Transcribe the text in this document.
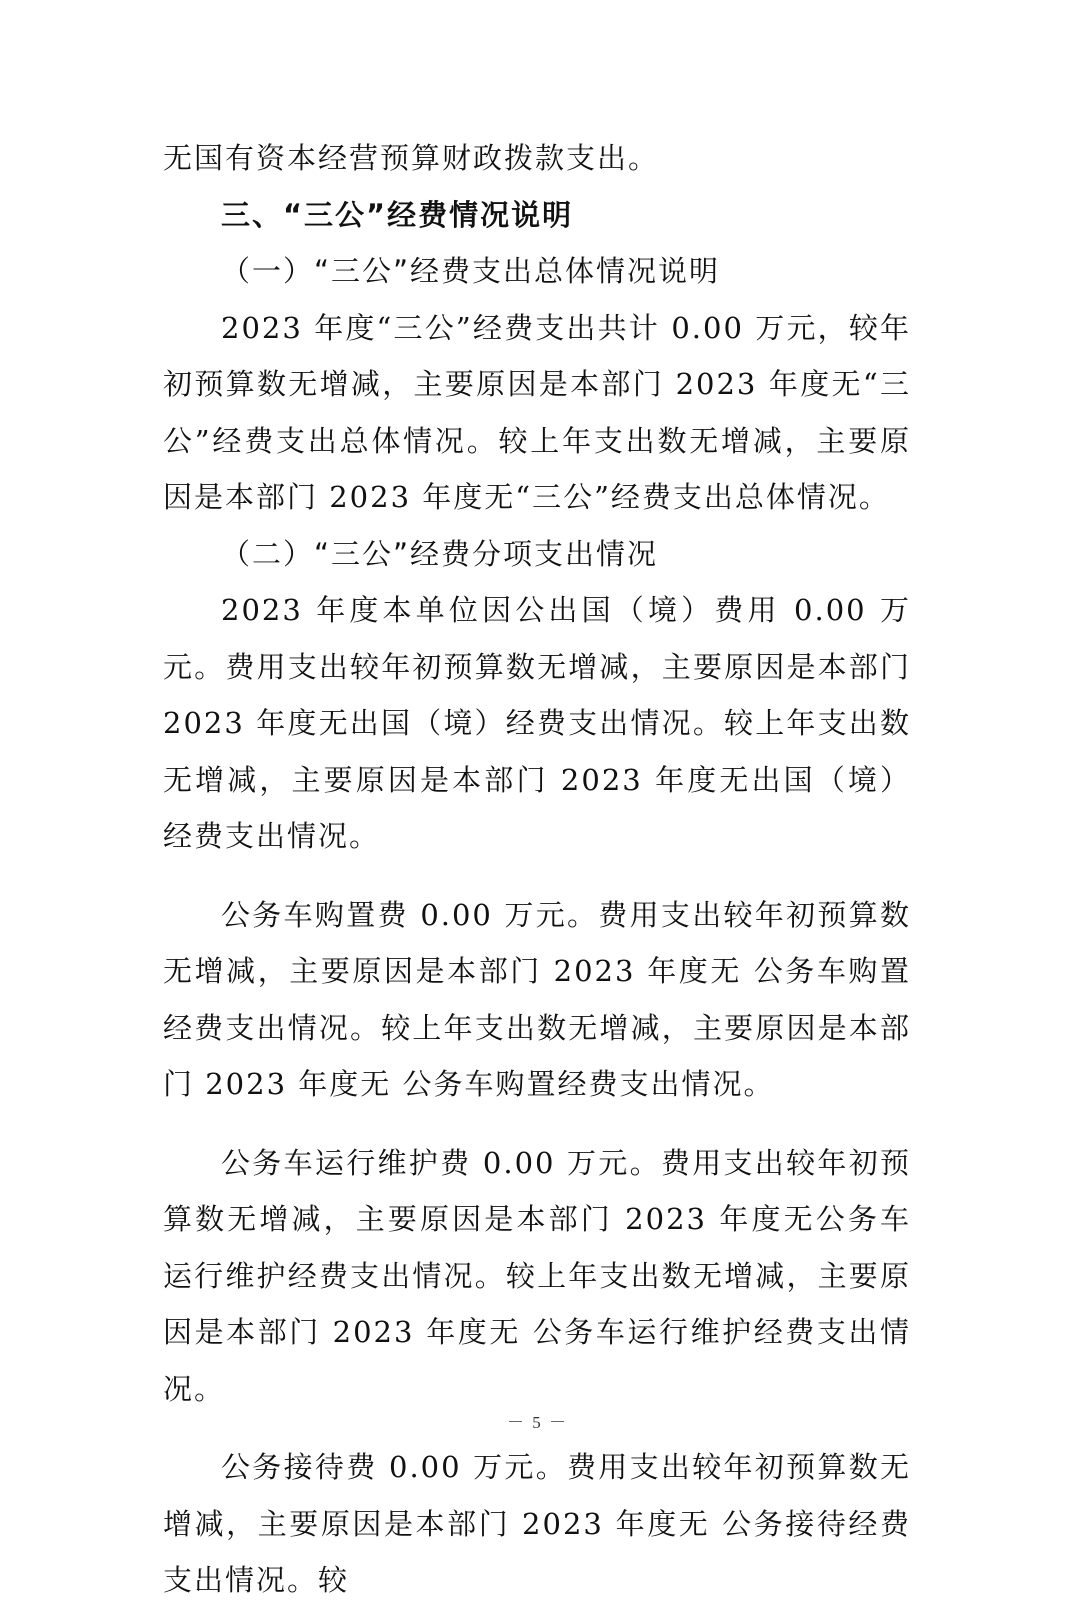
无国有资本经营预算财政拨款支出。

三、“三公”经费情况说明

（一）“三公”经费支出总体情况说明

2023 年度“三公”经费支出共计 0.00 万元，较年初预算数无增减，主要原因是本部门 2023 年度无“三公”经费支出总体情况。较上年支出数无增减，主要原因是本部门 2023 年度无“三公”经费支出总体情况。

（二）“三公”经费分项支出情况

2023 年度本单位因公出国（境）费用 0.00 万元。费用支出较年初预算数无增减，主要原因是本部门 2023 年度无出国（境）经费支出情况。较上年支出数无增减，主要原因是本部门 2023 年度无出国（境）经费支出情况。

公务车购置费 0.00 万元。费用支出较年初预算数无增减，主要原因是本部门 2023 年度无 公务车购置经费支出情况。较上年支出数无增减，主要原因是本部门 2023 年度无 公务车购置经费支出情况。

公务车运行维护费 0.00 万元。费用支出较年初预算数无增减，主要原因是本部门 2023 年度无公务车运行维护经费支出情况。较上年支出数无增减，主要原因是本部门 2023 年度无 公务车运行维护经费支出情况。

公务接待费 0.00 万元。费用支出较年初预算数无增减，主要原因是本部门 2023 年度无 公务接待经费支出情况。较

－ 5 －
